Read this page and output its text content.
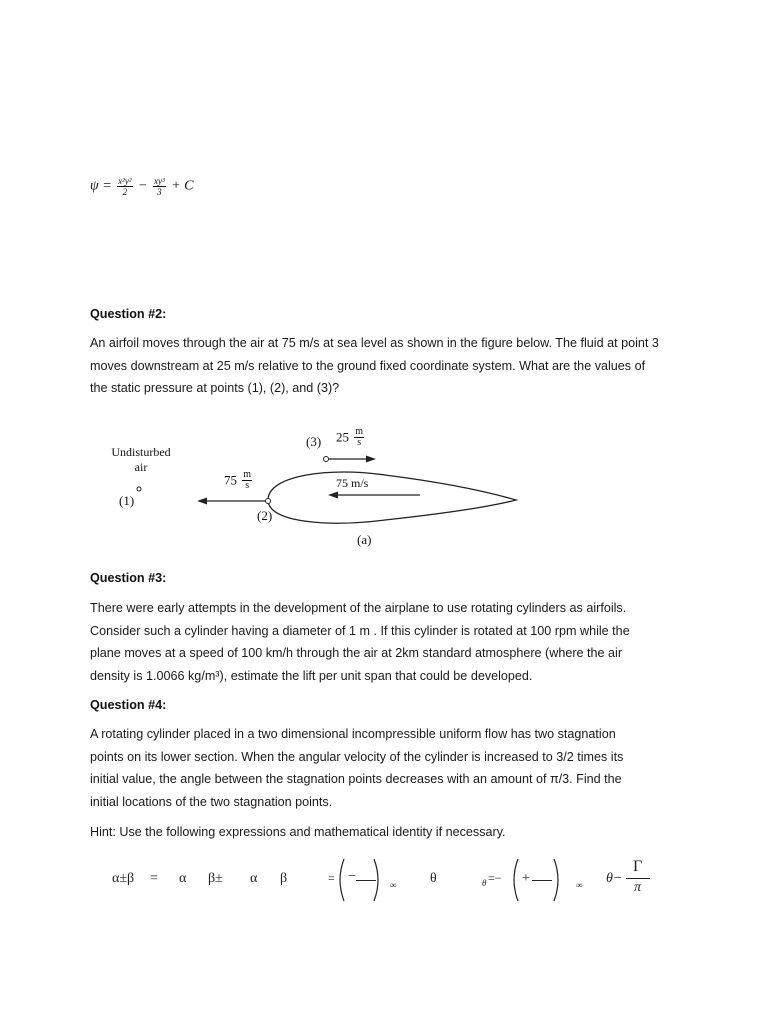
$\psi = \frac{\text{x²y²}}{2} - \frac{\text{xy³}}{3} + C$
Question #2:
An airfoil moves through the air at 75 m/s at sea level as shown in the figure below. The fluid at point 3
moves downstream at 25 m/s relative to the ground fixed coordinate system. What are the values of
the static pressure at points (1), (2), and (3)?
Undisturbed
air
(1)
(3) $25 \frac{m}{s}$
$75 \frac{m}{s}$	75 m/s
(2)
(a)
Question #3:
There were early attempts in the development of the airplane to use rotating cylinders as airfoils.
Consider such a cylinder having a diameter of 1 m . If this cylinder is rotated at 100 rpm while the
plane moves at a speed of 100 km/h through the air at 2km standard atmosphere (where the air
density is 1.0066 kg/m³), estimate the lift per unit span that could be developed.
Question #4:
A rotating cylinder placed in a two dimensional incompressible uniform flow has two stagnation
points on its lower section. When the angular velocity of the cylinder is increased to 3/2 times its
initial value, the angle between the stagnation points decreases with an amount of π/3. Find the
initial locations of the two stagnation points.
Hint: Use the following expressions and mathematical identity if necessary.
α±β = α β± α β	= −
∞ θ	θ =− +	∞ θ−
Γ
π
